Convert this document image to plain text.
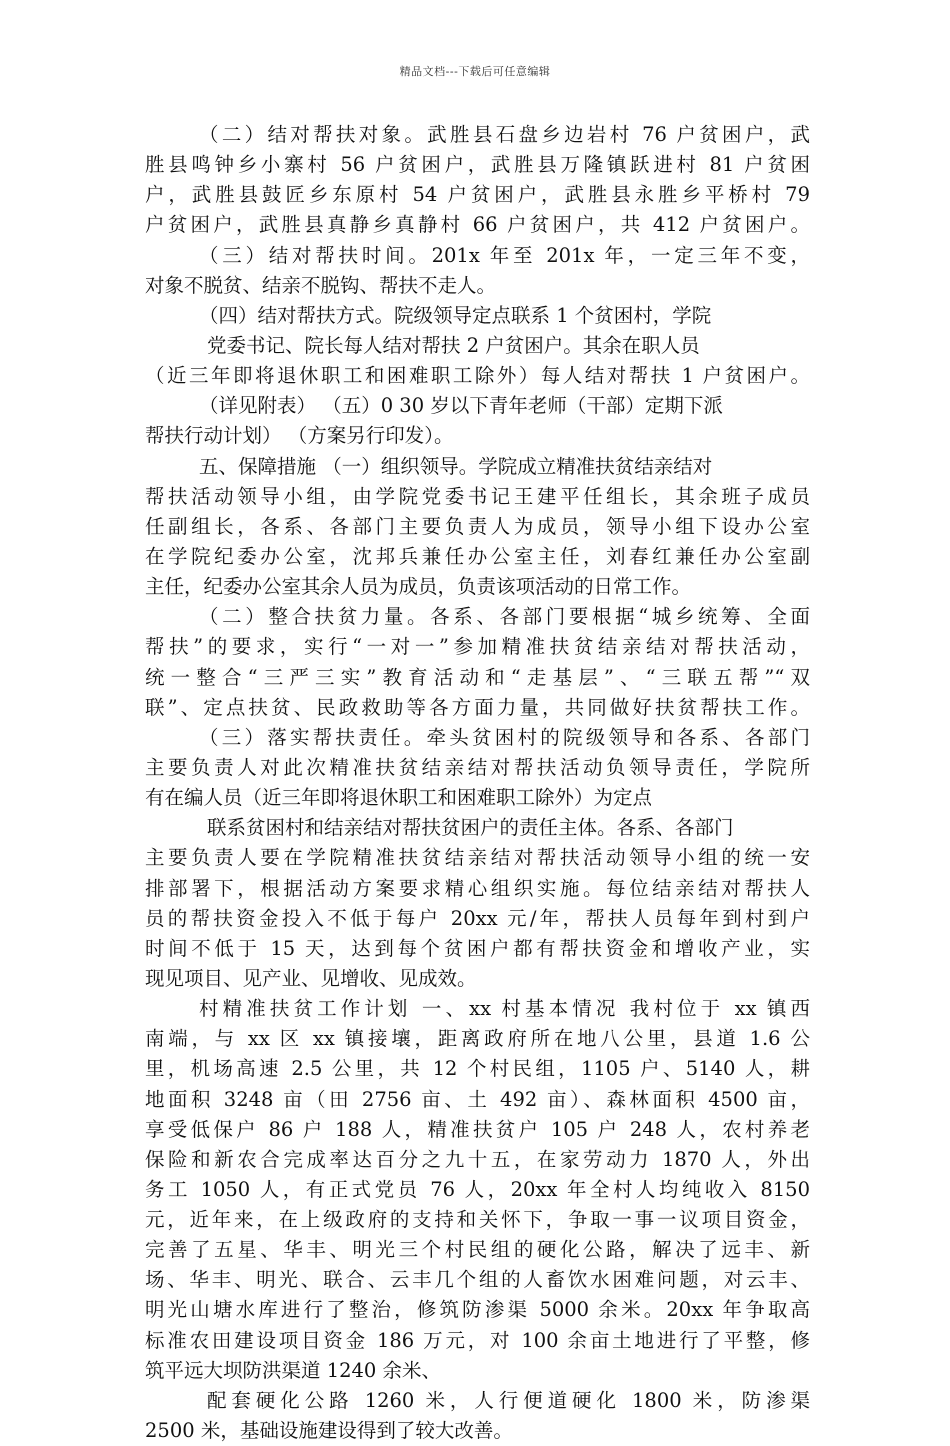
精品文档---下载后可任意编辑
（二）结对帮扶对象。武胜县石盘乡边岩村 76 户贫困户，武
胜县鸣钟乡小寨村 56 户贫困户，武胜县万隆镇跃进村 81 户贫困
户，武胜县鼓匠乡东原村 54 户贫困户，武胜县永胜乡平桥村 79
户贫困户，武胜县真静乡真静村 66 户贫困户，共 412 户贫困户。
（三）结对帮扶时间。201x 年至 201x 年，一定三年不变，
对象不脱贫、结亲不脱钩、帮扶不走人。
（四）结对帮扶方式。院级领导定点联系 1 个贫困村，学院
党委书记、院长每人结对帮扶 2 户贫困户。其余在职人员
（近三年即将退休职工和困难职工除外）每人结对帮扶 1 户贫困户。
（详见附表） （五）0 30 岁以下青年老师（干部）定期下派
帮扶行动计划） （方案另行印发）。
五、保障措施 （一）组织领导。学院成立精准扶贫结亲结对
帮扶活动领导小组，由学院党委书记王建平任组长，其余班子成员
任副组长，各系、各部门主要负责人为成员，领导小组下设办公室
在学院纪委办公室，沈邦兵兼任办公室主任，刘春红兼任办公室副
主任，纪委办公室其余人员为成员，负责该项活动的日常工作。
（二）整合扶贫力量。各系、各部门要根据“城乡统筹、全面
帮扶”的要求，实行“一对一”参加精准扶贫结亲结对帮扶活动，
统一整合“三严三实”教育活动和“走基层”、“三联五帮”“双
联”、定点扶贫、民政救助等各方面力量，共同做好扶贫帮扶工作。
（三）落实帮扶责任。牵头贫困村的院级领导和各系、各部门
主要负责人对此次精准扶贫结亲结对帮扶活动负领导责任，学院所
有在编人员（近三年即将退休职工和困难职工除外）为定点
联系贫困村和结亲结对帮扶贫困户的责任主体。各系、各部门
主要负责人要在学院精准扶贫结亲结对帮扶活动领导小组的统一安
排部署下，根据活动方案要求精心组织实施。每位结亲结对帮扶人
员的帮扶资金投入不低于每户 20xx 元/年，帮扶人员每年到村到户
时间不低于 15 天，达到每个贫困户都有帮扶资金和增收产业，实
现见项目、见产业、见增收、见成效。
村精准扶贫工作计划 一、xx 村基本情况 我村位于 xx 镇西
南端，与 xx 区 xx 镇接壤，距离政府所在地八公里，县道 1.6 公
里，机场高速 2.5 公里，共 12 个村民组，1105 户、5140 人，耕
地面积 3248 亩（田 2756 亩、土 492 亩）、森林面积 4500 亩，
享受低保户 86 户 188 人，精准扶贫户 105 户 248 人，农村养老
保险和新农合完成率达百分之九十五，在家劳动力 1870 人，外出
务工 1050 人，有正式党员 76 人，20xx 年全村人均纯收入 8150
元，近年来，在上级政府的支持和关怀下，争取一事一议项目资金，
完善了五星、华丰、明光三个村民组的硬化公路，解决了远丰、新
场、华丰、明光、联合、云丰几个组的人畜饮水困难问题，对云丰、
明光山塘水库进行了整治，修筑防渗渠 5000 余米。20xx 年争取高
标准农田建设项目资金 186 万元，对 100 余亩土地进行了平整，修
筑平远大坝防洪渠道 1240 余米、
配套硬化公路 1260 米，人行便道硬化 1800 米，防渗渠
2500 米，基础设施建设得到了较大改善。
